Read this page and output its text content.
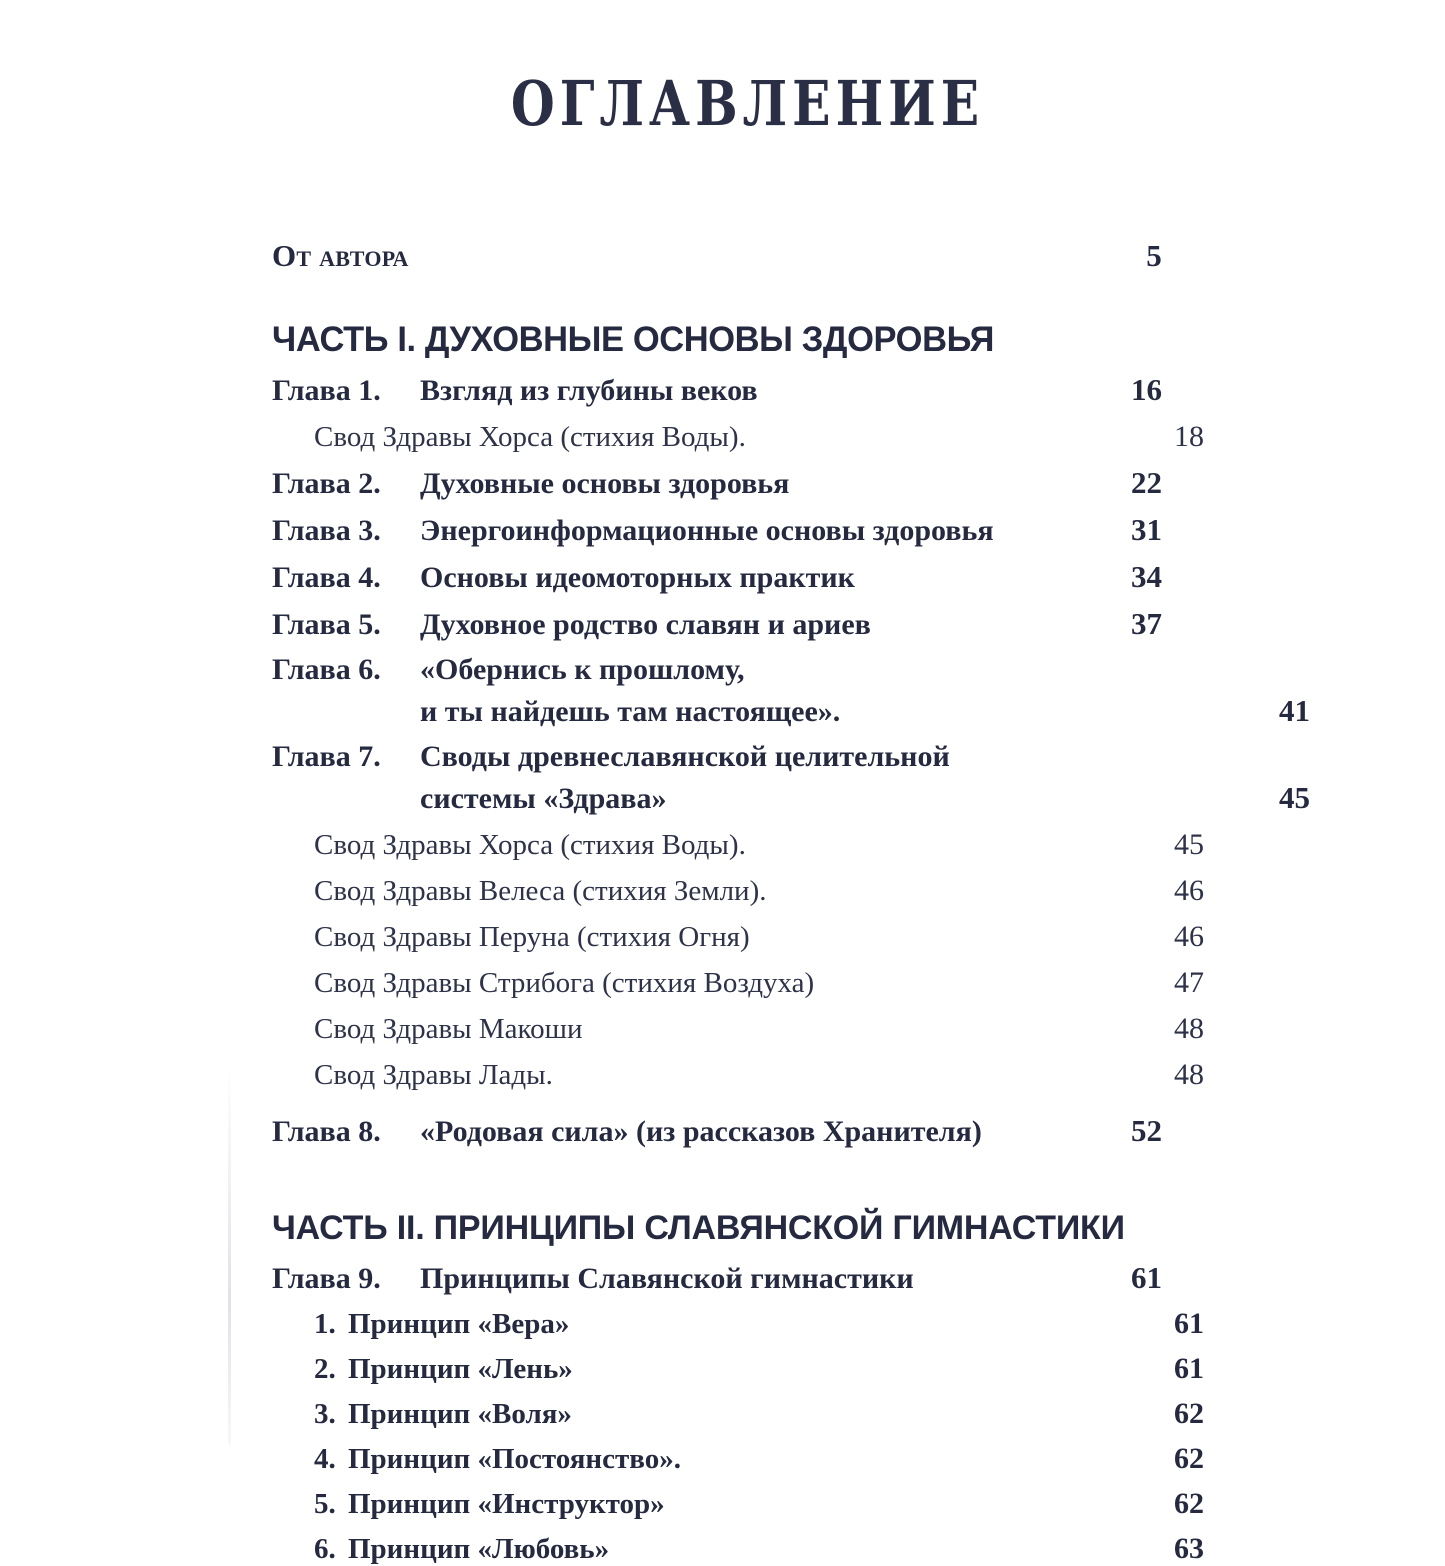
ОГЛАВЛЕНИЕ
От автора	5
ЧАСТЬ I. ДУХОВНЫЕ ОСНОВЫ ЗДОРОВЬЯ
Глава 1. Взгляд из глубины веков	16
Свод Здравы Хорса (стихия Воды).	18
Глава 2. Духовные основы здоровья	22
Глава 3. Энергоинформационные основы здоровья	31
Глава 4. Основы идеомоторных практик	34
Глава 5. Духовное родство славян и ариев	37
Глава 6. «Обернись к прошлому,
и ты найдешь там настоящее».	41
Глава 7. Своды древнеславянской целительной
системы «Здрава»	45
Свод Здравы Хорса (стихия Воды).	45
Свод Здравы Велеса (стихия Земли).	46
Свод Здравы Перуна (стихия Огня)	46
Свод Здравы Стрибога (стихия Воздуха)	47
Свод Здравы Макоши	48
Свод Здравы Лады.	48
Глава 8. «Родовая сила» (из рассказов Хранителя)	52
ЧАСТЬ II. ПРИНЦИПЫ СЛАВЯНСКОЙ ГИМНАСТИКИ
Глава 9. Принципы Славянской гимнастики	61
1. Принцип «Вера»	61
2. Принцип «Лень»	61
3. Принцип «Воля»	62
4. Принцип «Постоянство».	62
5. Принцип «Инструктор»	62
6. Принцип «Любовь»	63
